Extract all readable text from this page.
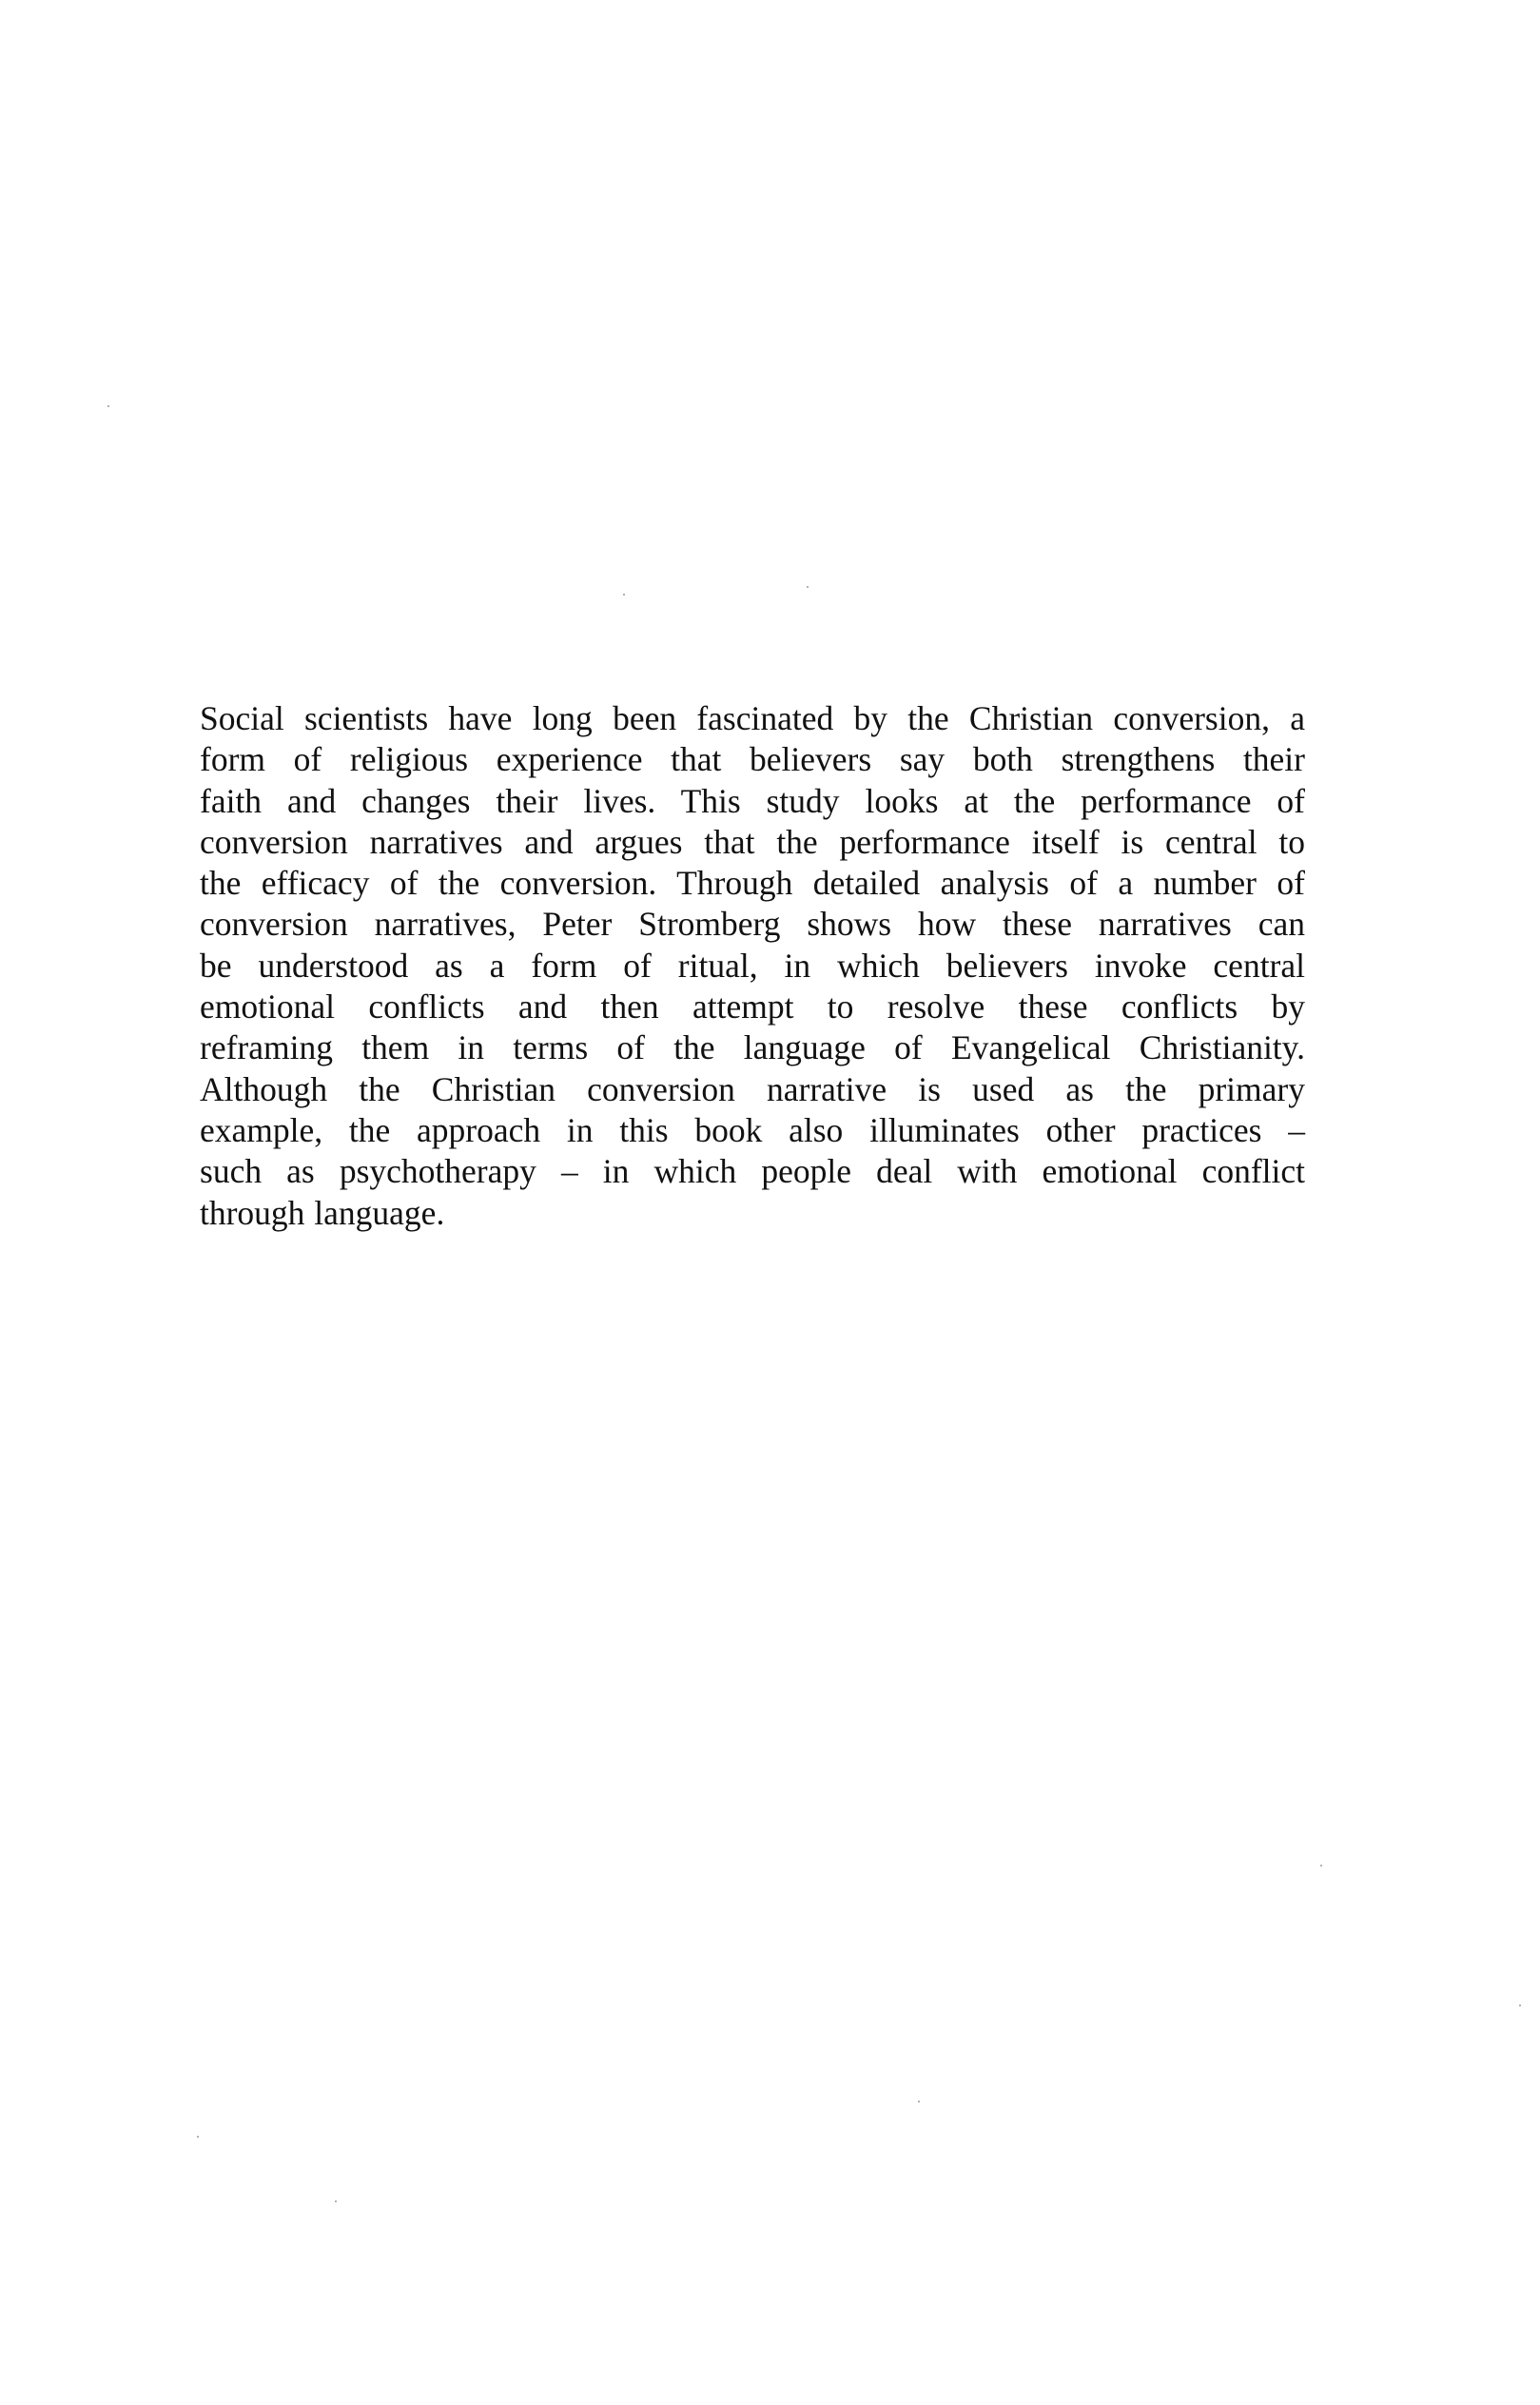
Social scientists have long been fascinated by the Christian conversion, a
form of religious experience that believers say both strengthens their
faith and changes their lives. This study looks at the performance of
conversion narratives and argues that the performance itself is central to
the efficacy of the conversion. Through detailed analysis of a number of
conversion narratives, Peter Stromberg shows how these narratives can
be understood as a form of ritual, in which believers invoke central
emotional conflicts and then attempt to resolve these conflicts by
reframing them in terms of the language of Evangelical Christianity.
Although the Christian conversion narrative is used as the primary
example, the approach in this book also illuminates other practices –
such as psychotherapy – in which people deal with emotional conflict
through language.
